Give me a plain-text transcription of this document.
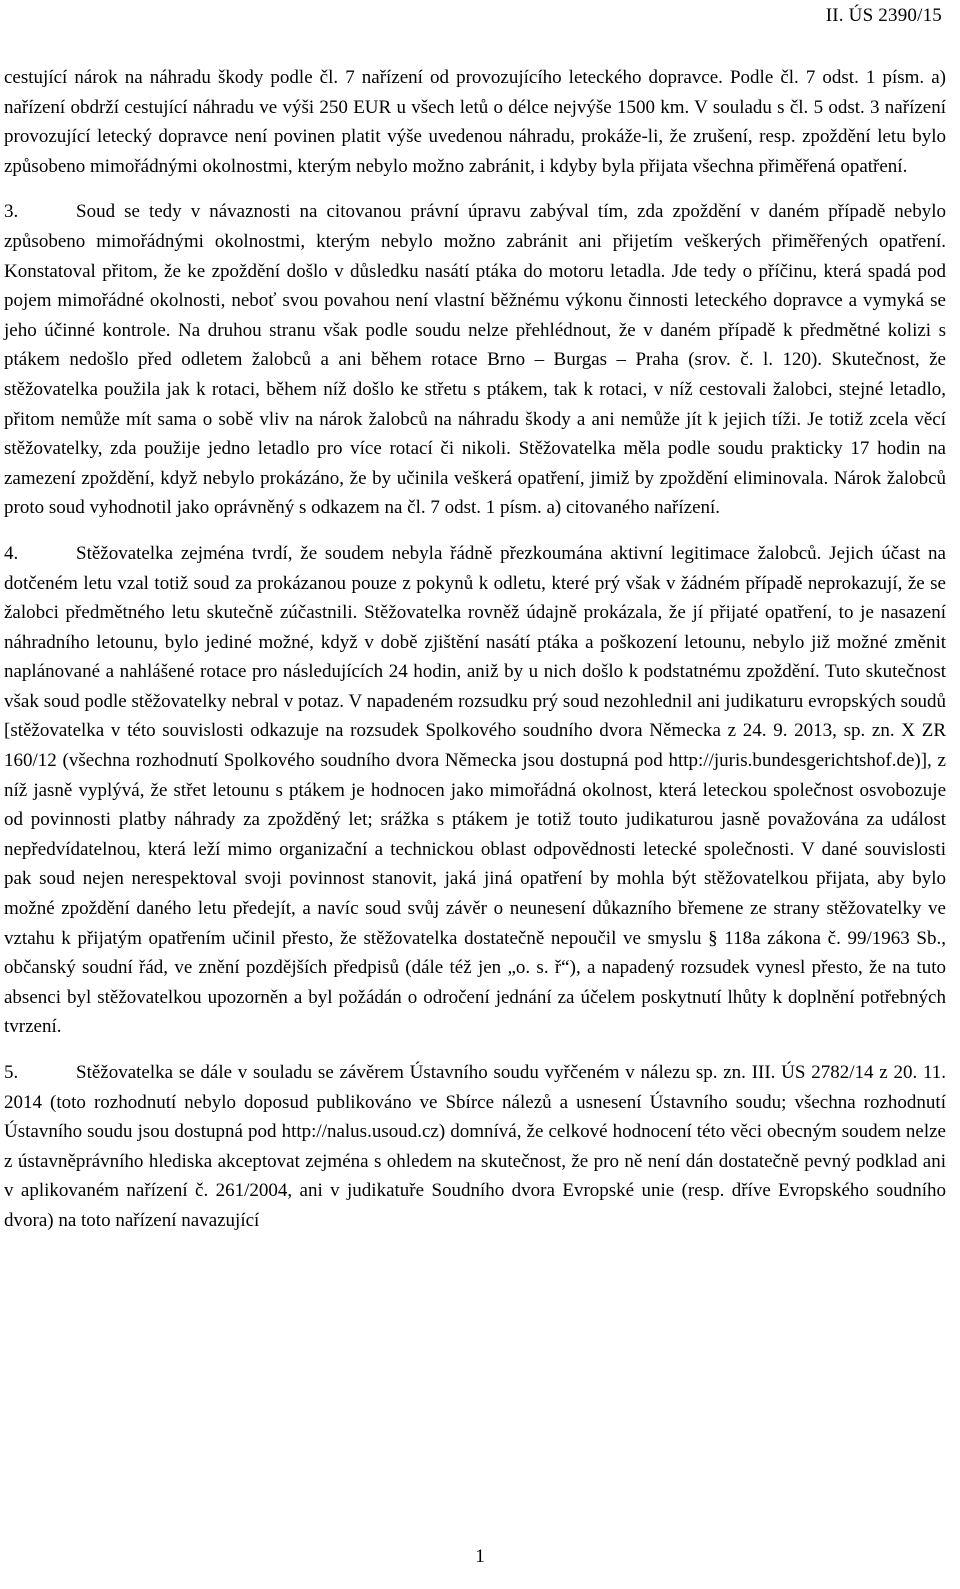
II. ÚS 2390/15

cestující nárok na náhradu škody podle čl. 7 nařízení od provozujícího leteckého dopravce. Podle čl. 7 odst. 1 písm. a) nařízení obdrží cestující náhradu ve výši 250 EUR u všech letů o délce nejvýše 1500 km. V souladu s čl. 5 odst. 3 nařízení provozující letecký dopravce není povinen platit výše uvedenou náhradu, prokáže-li, že zrušení, resp. zpoždění letu bylo způsobeno mimořádnými okolnostmi, kterým nebylo možno zabránit, i kdyby byla přijata všechna přiměřená opatření.

3.	Soud se tedy v návaznosti na citovanou právní úpravu zabýval tím, zda zpoždění v daném případě nebylo způsobeno mimořádnými okolnostmi, kterým nebylo možno zabránit ani přijetím veškerých přiměřených opatření. Konstatoval přitom, že ke zpoždění došlo v důsledku nasátí ptáka do motoru letadla. Jde tedy o příčinu, která spadá pod pojem mimořádné okolnosti, neboť svou povahou není vlastní běžnému výkonu činnosti leteckého dopravce a vymyká se jeho účinné kontrole. Na druhou stranu však podle soudu nelze přehlédnout, že v daném případě k předmětné kolizi s ptákem nedošlo před odletem žalobců a ani během rotace Brno – Burgas – Praha (srov. č. l. 120). Skutečnost, že stěžovatelka použila jak k rotaci, během níž došlo ke střetu s ptákem, tak k rotaci, v níž cestovali žalobci, stejné letadlo, přitom nemůže mít sama o sobě vliv na nárok žalobců na náhradu škody a ani nemůže jít k jejich tíži. Je totiž zcela věcí stěžovatelky, zda použije jedno letadlo pro více rotací či nikoli. Stěžovatelka měla podle soudu prakticky 17 hodin na zamezení zpoždění, když nebylo prokázáno, že by učinila veškerá opatření, jimiž by zpoždění eliminovala. Nárok žalobců proto soud vyhodnotil jako oprávněný s odkazem na čl. 7 odst. 1 písm. a) citovaného nařízení.

4.	Stěžovatelka zejména tvrdí, že soudem nebyla řádně přezkoumána aktivní legitimace žalobců. Jejich účast na dotčeném letu vzal totiž soud za prokázanou pouze z pokynů k odletu, které prý však v žádném případě neprokazují, že se žalobci předmětného letu skutečně zúčastnili. Stěžovatelka rovněž údajně prokázala, že jí přijaté opatření, to je nasazení náhradního letounu, bylo jediné možné, když v době zjištění nasátí ptáka a poškození letounu, nebylo již možné změnit naplánované a nahlášené rotace pro následujících 24 hodin, aniž by u nich došlo k podstatnému zpoždění. Tuto skutečnost však soud podle stěžovatelky nebral v potaz. V napadeném rozsudku prý soud nezohlednil ani judikaturu evropských soudů [stěžovatelka v této souvislosti odkazuje na rozsudek Spolkového soudního dvora Německa z 24. 9. 2013, sp. zn. X ZR 160/12 (všechna rozhodnutí Spolkového soudního dvora Německa jsou dostupná pod http://juris.bundesgerichtshof.de)], z níž jasně vyplývá, že střet letounu s ptákem je hodnocen jako mimořádná okolnost, která leteckou společnost osvobozuje od povinnosti platby náhrady za zpožděný let; srážka s ptákem je totiž touto judikaturou jasně považována za událost nepředvídatelnou, která leží mimo organizační a technickou oblast odpovědnosti letecké společnosti. V dané souvislosti pak soud nejen nerespektoval svoji povinnost stanovit, jaká jiná opatření by mohla být stěžovatelkou přijata, aby bylo možné zpoždění daného letu předejít, a navíc soud svůj závěr o neunesení důkazního břemene ze strany stěžovatelky ve vztahu k přijatým opatřením učinil přesto, že stěžovatelka dostatečně nepoučil ve smyslu § 118a zákona č. 99/1963 Sb., občanský soudní řád, ve znění pozdějších předpisů (dále též jen „o. s. ř“), a napadený rozsudek vynesl přesto, že na tuto absenci byl stěžovatelkou upozorněn a byl požádán o odročení jednání za účelem poskytnutí lhůty k doplnění potřebných tvrzení.

5.	Stěžovatelka se dále v souladu se závěrem Ústavního soudu vyřčeném v nálezu sp. zn. III. ÚS 2782/14 z 20. 11. 2014 (toto rozhodnutí nebylo doposud publikováno ve Sbírce nálezů a usnesení Ústavního soudu; všechna rozhodnutí Ústavního soudu jsou dostupná pod http://nalus.usoud.cz) domnívá, že celkové hodnocení této věci obecným soudem nelze z ústavněprávního hlediska akceptovat zejména s ohledem na skutečnost, že pro ně není dán dostatečně pevný podklad ani v aplikovaném nařízení č. 261/2004, ani v judikatuře Soudního dvora Evropské unie (resp. dříve Evropského soudního dvora) na toto nařízení navazující

1
